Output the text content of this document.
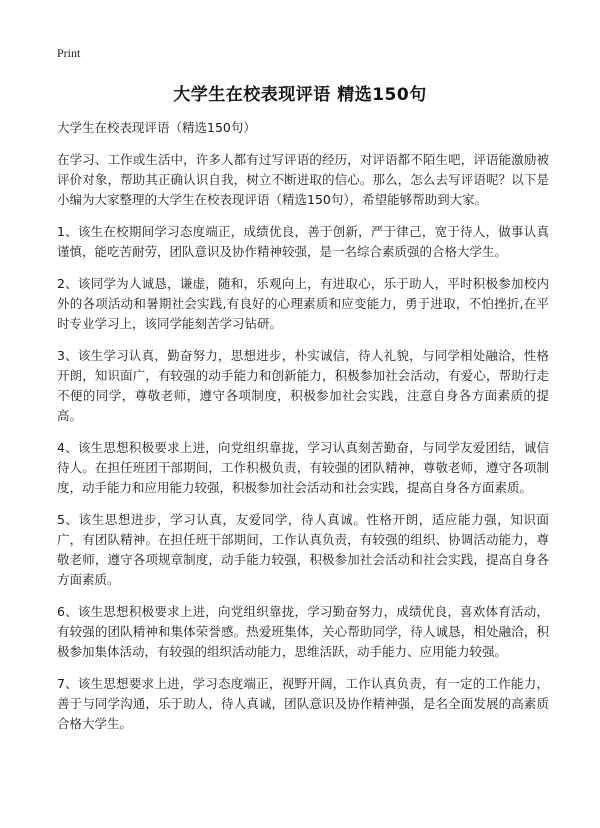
Print
大学生在校表现评语 精选150句

大学生在校表现评语（精选150句）

在学习、工作或生活中，许多人都有过写评语的经历，对评语都不陌生吧，评语能激励被评价对象，帮助其正确认识自我，树立不断进取的信心。那么，怎么去写评语呢？以下是小编为大家整理的大学生在校表现评语（精选150句），希望能够帮助到大家。

1、该生在校期间学习态度端正，成绩优良，善于创新，严于律己，宽于待人，做事认真谨慎，能吃苦耐劳，团队意识及协作精神较强，是一名综合素质强的合格大学生。

2、该同学为人诚恳，谦虚，随和，乐观向上，有进取心，乐于助人，平时积极参加校内外的各项活动和暑期社会实践,有良好的心理素质和应变能力，勇于进取，不怕挫折,在平时专业学习上，该同学能刻苦学习钻研。

3、该生学习认真，勤奋努力，思想进步，朴实诚信，待人礼貌，与同学相处融洽，性格开朗，知识面广，有较强的动手能力和创新能力，积极参加社会活动，有爱心，帮助行走不便的同学，尊敬老师，遵守各项制度，积极参加社会实践，注意自身各方面素质的提高。

4、该生思想积极要求上进，向党组织靠拢，学习认真刻苦勤奋，与同学友爱团结，诚信待人。在担任班团干部期间，工作积极负责，有较强的团队精神，尊敬老师，遵守各项制度，动手能力和应用能力较强，积极参加社会活动和社会实践，提高自身各方面素质。

5、该生思想进步，学习认真，友爱同学，待人真诚。性格开朗，适应能力强，知识面广，有团队精神。在担任班干部期间，工作认真负责，有较强的组织、协调活动能力，尊敬老师，遵守各项规章制度，动手能力较强，积极参加社会活动和社会实践，提高自身各方面素质。

6、该生思想积极要求上进，向党组织靠拢，学习勤奋努力，成绩优良，喜欢体育活动，有较强的团队精神和集体荣誉感。热爱班集体，关心帮助同学，待人诚恳，相处融洽，积极参加集体活动，有较强的组织活动能力，思维活跃，动手能力、应用能力较强。

7、该生思想要求上进，学习态度端正，视野开阔，工作认真负责，有一定的工作能力，善于与同学沟通，乐于助人，待人真诚，团队意识及协作精神强，是名全面发展的高素质合格大学生。
